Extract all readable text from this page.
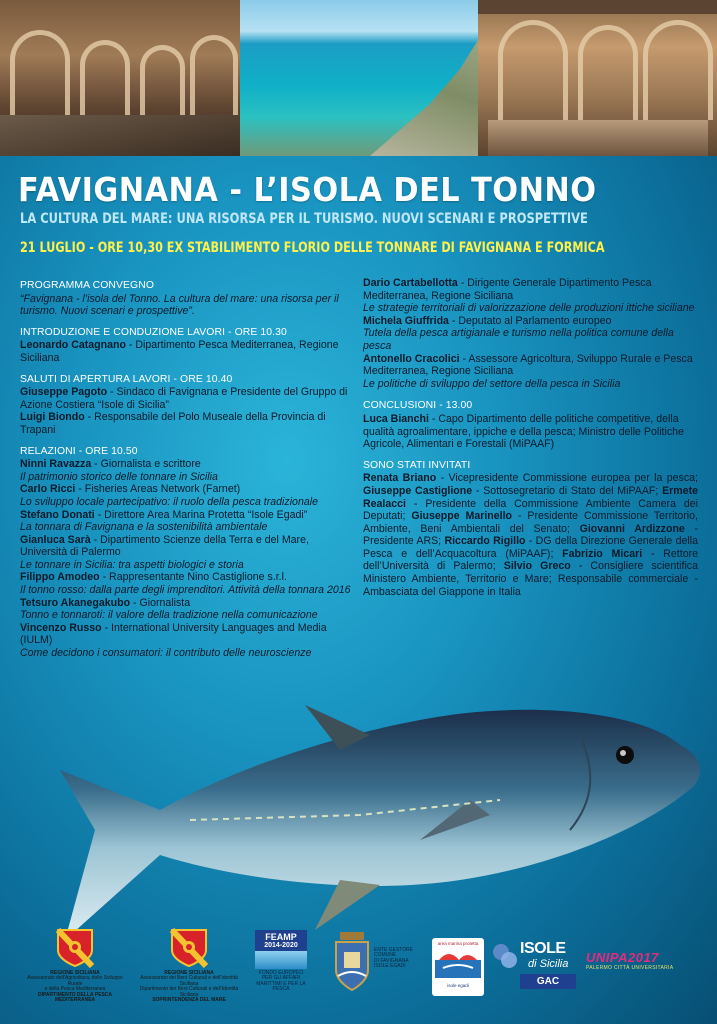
FAVIGNANA - L’ISOLA DEL TONNO
LA CULTURA DEL MARE: UNA RISORSA PER IL TURISMO. NUOVI SCENARI E PROSPETTIVE
21 LUGLIO - ORE 10,30 EX STABILIMENTO FLORIO DELLE TONNARE DI FAVIGNANA E FORMICA
PROGRAMMA CONVEGNO

“Favignana - l’isola del Tonno. La cultura del mare: una risorsa per il turismo. Nuovi scenari e prospettive”.

INTRODUZIONE E CONDUZIONE LAVORI - ORE 10.30

Leonardo Catagnano - Dipartimento Pesca Mediterranea, Regione Siciliana

SALUTI DI APERTURA LAVORI - ORE 10.40

Giuseppe Pagoto - Sindaco di Favignana e Presidente del Gruppo di Azione Costiera “Isole di Sicilia”

Luigi Biondo - Responsabile del Polo Museale della Provincia di Trapani

RELAZIONI - ORE 10.50

Ninni Ravazza - Giornalista e scrittore

Il patrimonio storico delle tonnare in Sicilia

Carlo Ricci - Fisheries Areas Network (Farnet)

Lo sviluppo locale partecipativo: il ruolo della pesca tradizionale

Stefano Donati - Direttore Area Marina Protetta “Isole Egadi”

La tonnara di Favignana e la sostenibilità ambientale

Gianluca Sarà - Dipartimento Scienze della Terra e del Mare, Università di Palermo

Le tonnare in Sicilia: tra aspetti biologici e storia

Filippo Amodeo - Rappresentante Nino Castiglione s.r.l.

Il tonno rosso: dalla parte degli imprenditori. Attività della tonnara 2016

Tetsuro Akanegakubo - Giornalista

Tonno e tonnaroti: il valore della tradizione nella comunicazione

Vincenzo Russo - International University Languages and Media (IULM)

Come decidono i consumatori: il contributo delle neuroscienze

Dario Cartabellotta - Dirigente Generale Dipartimento Pesca Mediterranea, Regione Siciliana

Le strategie territoriali di valorizzazione delle produzioni ittiche siciliane

Michela Giuffrida - Deputato al Parlamento europeo

Tutela della pesca artigianale e turismo nella politica comune della pesca

Antonello Cracolici - Assessore Agricoltura, Sviluppo Rurale e Pesca Mediterranea, Regione Siciliana

Le politiche di sviluppo del settore della pesca in Sicilia

CONCLUSIONI - 13.00

Luca Bianchi - Capo Dipartimento delle politiche competitive, della qualità agroalimentare, ippiche e della pesca; Ministro delle Politiche Agricole, Alimentari e Forestali (MiPAAF)

SONO STATI INVITATI

Renata Briano - Vicepresidente Commissione europea per la pesca; Giuseppe Castiglione - Sottosegretario di Stato del MiPAAF; Ermete Realacci - Presidente della Commissione Ambiente Camera dei Deputati; Giuseppe Marinello - Presidente Commissione Territorio, Ambiente, Beni Ambientali del Senato; Giovanni Ardizzone - Presidente ARS; Riccardo Rigillo - DG della Direzione Generale della Pesca e dell’Acquacoltura (MiPAAF); Fabrizio Micari - Rettore dell’Università di Palermo; Silvio Greco - Consigliere scientifica Ministero Ambiente, Territorio e Mare; Responsabile commerciale - Ambasciata del Giappone in Italia

REGIONE SICILIANA
Assessorato dell’Agricoltura, dello Sviluppo Rurale
e della Pesca Mediterranea
DIPARTIMENTO DELLA PESCA MEDITERRANEA
REGIONE SICILIANA
Assessorato dei Beni Culturali e dell’Identità Siciliana
Dipartimento dei Beni Culturali e dell’Identità Siciliana
SOPRINTENDENZA DEL MARE
FEAMP
2014-2020
FONDO EUROPEO PER GLI AFFARI MARITTIMI E PER LA PESCA
ENTE GESTORE
COMUNE
DI FAVIGNANA
ISOLE EGADI
area marina protetta
isole egadi
ISOLE
di Sicilia
GAC
UNIPA2017
PALERMO CITTÀ UNIVERSITARIA
